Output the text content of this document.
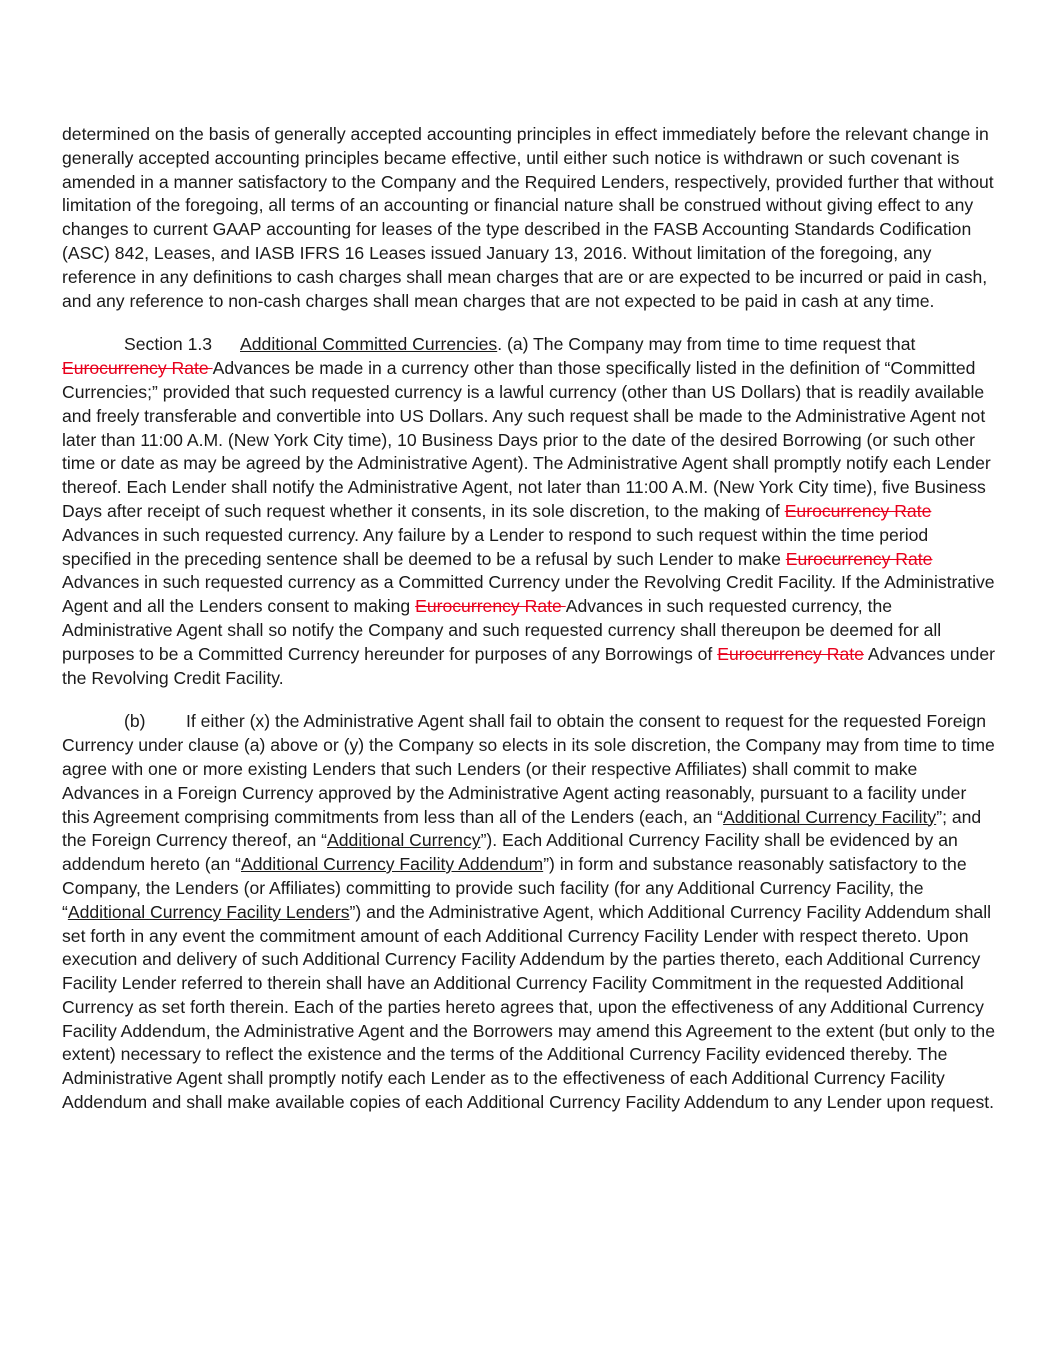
determined on the basis of generally accepted accounting principles in effect immediately before the relevant change in generally accepted accounting principles became effective, until either such notice is withdrawn or such covenant is amended in a manner satisfactory to the Company and the Required Lenders, respectively, provided further that without limitation of the foregoing, all terms of an accounting or financial nature shall be construed without giving effect to any changes to current GAAP accounting for leases of the type described in the FASB Accounting Standards Codification (ASC) 842, Leases, and IASB IFRS 16 Leases issued January 13, 2016. Without limitation of the foregoing, any reference in any definitions to cash charges shall mean charges that are or are expected to be incurred or paid in cash, and any reference to non-cash charges shall mean charges that are not expected to be paid in cash at any time.

Section 1.3 Additional Committed Currencies. (a) The Company may from time to time request that
Eurocurrency Rate Advances be made in a currency other than those specifically listed in the definition of “Committed Currencies;” provided that such requested currency is a lawful currency (other than US Dollars) that is readily available and freely transferable and convertible into US Dollars. Any such request shall be made to the Administrative Agent not later than 11:00 A.M. (New York City time), 10 Business Days prior to the date of the desired Borrowing (or such other time or date as may be agreed by the Administrative Agent). The Administrative Agent shall promptly notify each Lender thereof. Each Lender shall notify the Administrative Agent, not later than 11:00 A.M. (New York City time), five Business Days after receipt of such request whether it consents, in its sole discretion, to the making of Eurocurrency Rate Advances in such requested currency. Any failure by a Lender to respond to such request within the time period specified in the preceding sentence shall be deemed to be a refusal by such Lender to make Eurocurrency Rate Advances in such requested currency as a Committed Currency under the Revolving Credit Facility. If the Administrative Agent and all the Lenders consent to making Eurocurrency Rate Advances in such requested currency, the Administrative Agent shall so notify the Company and such requested currency shall thereupon be deemed for all purposes to be a Committed Currency hereunder for purposes of any Borrowings of Eurocurrency Rate Advances under the Revolving Credit Facility.

(b) If either (x) the Administrative Agent shall fail to obtain the consent to request for the requested Foreign Currency under clause (a) above or (y) the Company so elects in its sole discretion, the Company may from time to time agree with one or more existing Lenders that such Lenders (or their respective Affiliates) shall commit to make Advances in a Foreign Currency approved by the Administrative Agent acting reasonably, pursuant to a facility under this Agreement comprising commitments from less than all of the Lenders (each, an “Additional Currency Facility”; and the Foreign Currency thereof, an “Additional Currency”). Each Additional Currency Facility shall be evidenced by an addendum hereto (an “Additional Currency Facility Addendum”) in form and substance reasonably satisfactory to the Company, the Lenders (or Affiliates) committing to provide such facility (for any Additional Currency Facility, the “Additional Currency Facility Lenders”) and the Administrative Agent, which Additional Currency Facility Addendum shall set forth in any event the commitment amount of each Additional Currency Facility Lender with respect thereto. Upon execution and delivery of such Additional Currency Facility Addendum by the parties thereto, each Additional Currency Facility Lender referred to therein shall have an Additional Currency Facility Commitment in the requested Additional Currency as set forth therein. Each of the parties hereto agrees that, upon the effectiveness of any Additional Currency Facility Addendum, the Administrative Agent and the Borrowers may amend this Agreement to the extent (but only to the extent) necessary to reflect the existence and the terms of the Additional Currency Facility evidenced thereby. The Administrative Agent shall promptly notify each Lender as to the effectiveness of each Additional Currency Facility Addendum and shall make available copies of each Additional Currency Facility Addendum to any Lender upon request.
